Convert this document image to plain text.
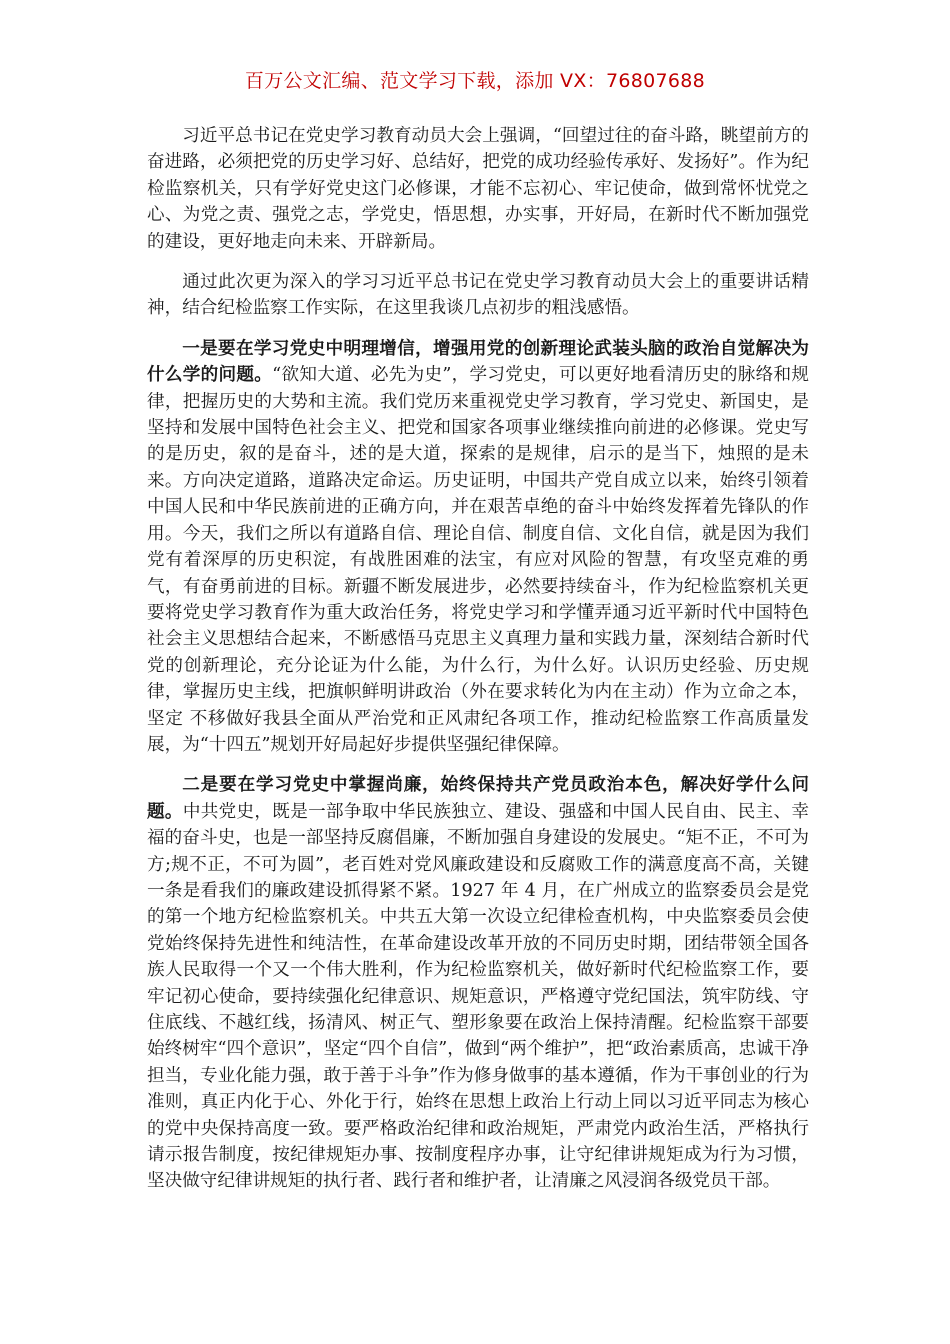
百万公文汇编、范文学习下载，添加 VX：76807688

习近平总书记在党史学习教育动员大会上强调，“回望过往的奋斗路，眺望前方的奋进路，必须把党的历史学习好、总结好，把党的成功经验传承好、发扬好”。作为纪检监察机关，只有学好党史这门必修课，才能不忘初心、牢记使命，做到常怀忧党之心、为党之责、强党之志，学党史，悟思想，办实事，开好局，在新时代不断加强党的建设，更好地走向未来、开辟新局。

通过此次更为深入的学习习近平总书记在党史学习教育动员大会上的重要讲话精神，结合纪检监察工作实际，在这里我谈几点初步的粗浅感悟。

一是要在学习党史中明理增信，增强用党的创新理论武装头脑的政治自觉解决为什么学的问题。“欲知大道、必先为史”，学习党史，可以更好地看清历史的脉络和规律，把握历史的大势和主流。我们党历来重视党史学习教育，学习党史、新国史，是坚持和发展中国特色社会主义、把党和国家各项事业继续推向前进的必修课。党史写的是历史，叙的是奋斗，述的是大道，探索的是规律，启示的是当下，烛照的是未来。方向决定道路，道路决定命运。历史证明，中国共产党自成立以来，始终引领着中国人民和中华民族前进的正确方向，并在艰苦卓绝的奋斗中始终发挥着先锋队的作用。今天，我们之所以有道路自信、理论自信、制度自信、文化自信，就是因为我们党有着深厚的历史积淀，有战胜困难的法宝，有应对风险的智慧，有攻坚克难的勇气，有奋勇前进的目标。新疆不断发展进步，必然要持续奋斗，作为纪检监察机关更要将党史学习教育作为重大政治任务，将党史学习和学懂弄通习近平新时代中国特色社会主义思想结合起来，不断感悟马克思主义真理力量和实践力量，深刻结合新时代党的创新理论，充分论证为什么能，为什么行，为什么好。认识历史经验、历史规律，掌握历史主线，把旗帜鲜明讲政治（外在要求转化为内在主动）作为立命之本，坚定 不移做好我县全面从严治党和正风肃纪各项工作，推动纪检监察工作高质量发展，为“十四五”规划开好局起好步提供坚强纪律保障。

二是要在学习党史中掌握尚廉，始终保持共产党员政治本色，解决好学什么问题。中共党史，既是一部争取中华民族独立、建设、强盛和中国人民自由、民主、幸福的奋斗史，也是一部坚持反腐倡廉，不断加强自身建设的发展史。“矩不正，不可为方;规不正，不可为圆”，老百姓对党风廉政建设和反腐败工作的满意度高不高，关键一条是看我们的廉政建设抓得紧不紧。1927 年 4 月，在广州成立的监察委员会是党的第一个地方纪检监察机关。中共五大第一次设立纪律检查机构，中央监察委员会使党始终保持先进性和纯洁性，在革命建设改革开放的不同历史时期，团结带领全国各族人民取得一个又一个伟大胜利，作为纪检监察机关，做好新时代纪检监察工作，要牢记初心使命，要持续强化纪律意识、规矩意识，严格遵守党纪国法，筑牢防线、守住底线、不越红线，扬清风、树正气、塑形象要在政治上保持清醒。纪检监察干部要始终树牢“四个意识”，坚定“四个自信”，做到“两个维护”，把“政治素质高，忠诚干净担当，专业化能力强，敢于善于斗争”作为修身做事的基本遵循，作为干事创业的行为准则，真正内化于心、外化于行，始终在思想上政治上行动上同以习近平同志为核心的党中央保持高度一致。要严格政治纪律和政治规矩，严肃党内政治生活，严格执行请示报告制度，按纪律规矩办事、按制度程序办事，让守纪律讲规矩成为行为习惯，坚决做守纪律讲规矩的执行者、践行者和维护者，让清廉之风浸润各级党员干部。
